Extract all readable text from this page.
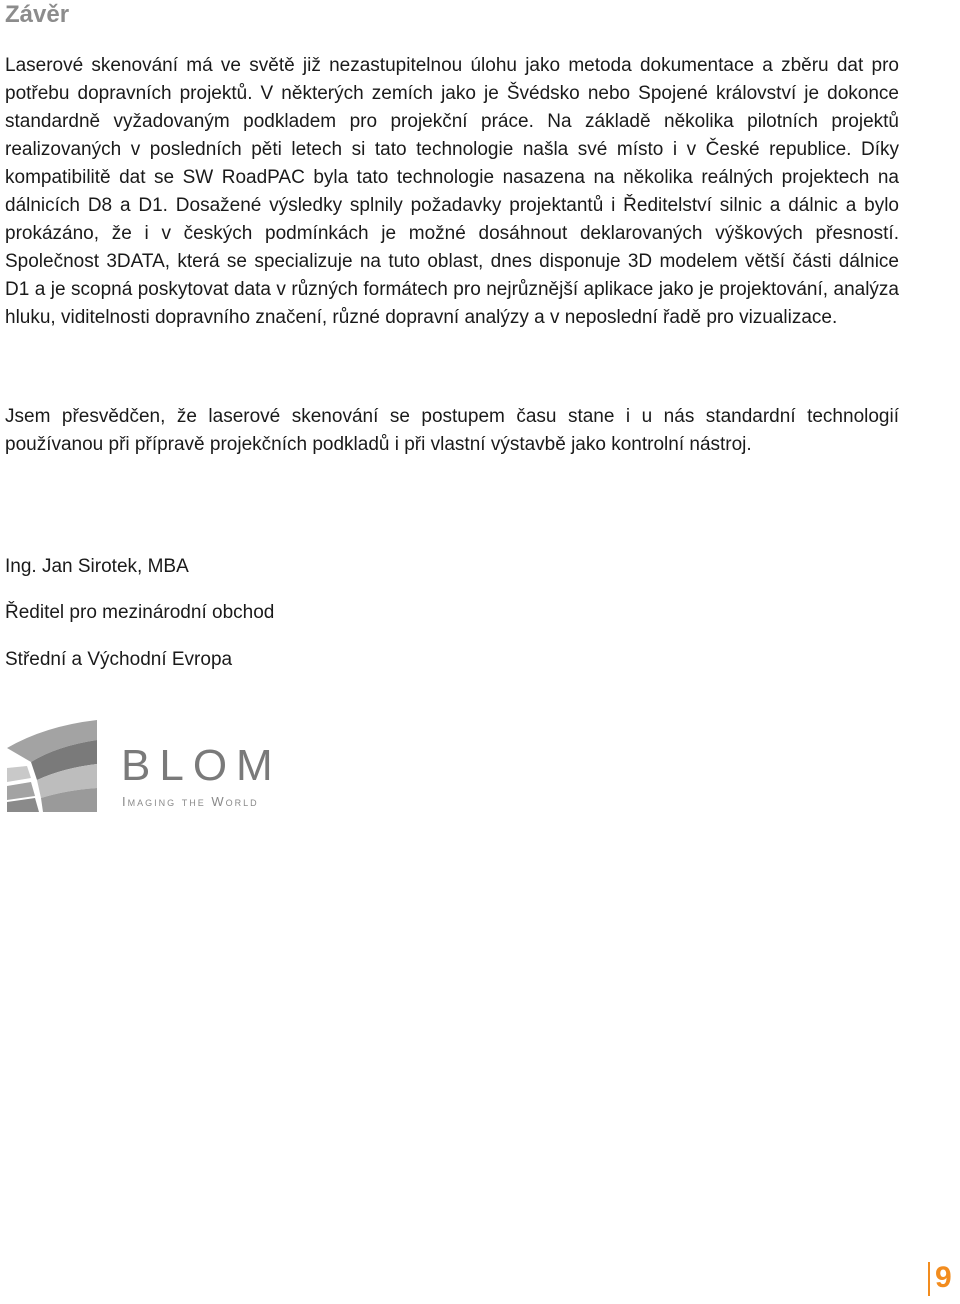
Závěr

Laserové skenování má ve světě již nezastupitelnou úlohu jako metoda dokumentace a zběru dat pro potřebu dopravních projektů. V některých zemích jako je Švédsko nebo Spojené království je dokonce standardně vyžadovaným podkladem pro projekční práce. Na základě několika pilotních projektů realizovaných v posledních pěti letech si tato technologie našla své místo i v České republice. Díky kompatibilitě dat se SW RoadPAC byla tato technologie nasazena na několika reálných projektech na dálnicích D8 a D1. Dosažené výsledky splnily požadavky projektantů i Ředitelství silnic a dálnic a bylo prokázáno, že i v českých podmínkách je možné dosáhnout deklarovaných výškových přesností. Společnost 3DATA, která se specializuje na tuto oblast, dnes disponuje 3D modelem větší části dálnice D1 a je scopná poskytovat data v různých formátech pro nejrůznější aplikace jako je projektování, analýza hluku, viditelnosti dopravního značení, různé dopravní analýzy a v neposlední řadě pro vizualizace.

Jsem přesvědčen, že laserové skenování se postupem času stane i u nás standardní technologií používanou při přípravě projekčních podkladů i při vlastní výstavbě jako kontrolní nástroj.

Ing. Jan Sirotek, MBA

Ředitel pro mezinárodní obchod

Střední a Východní Evropa

BLOM
Imaging the World
9
